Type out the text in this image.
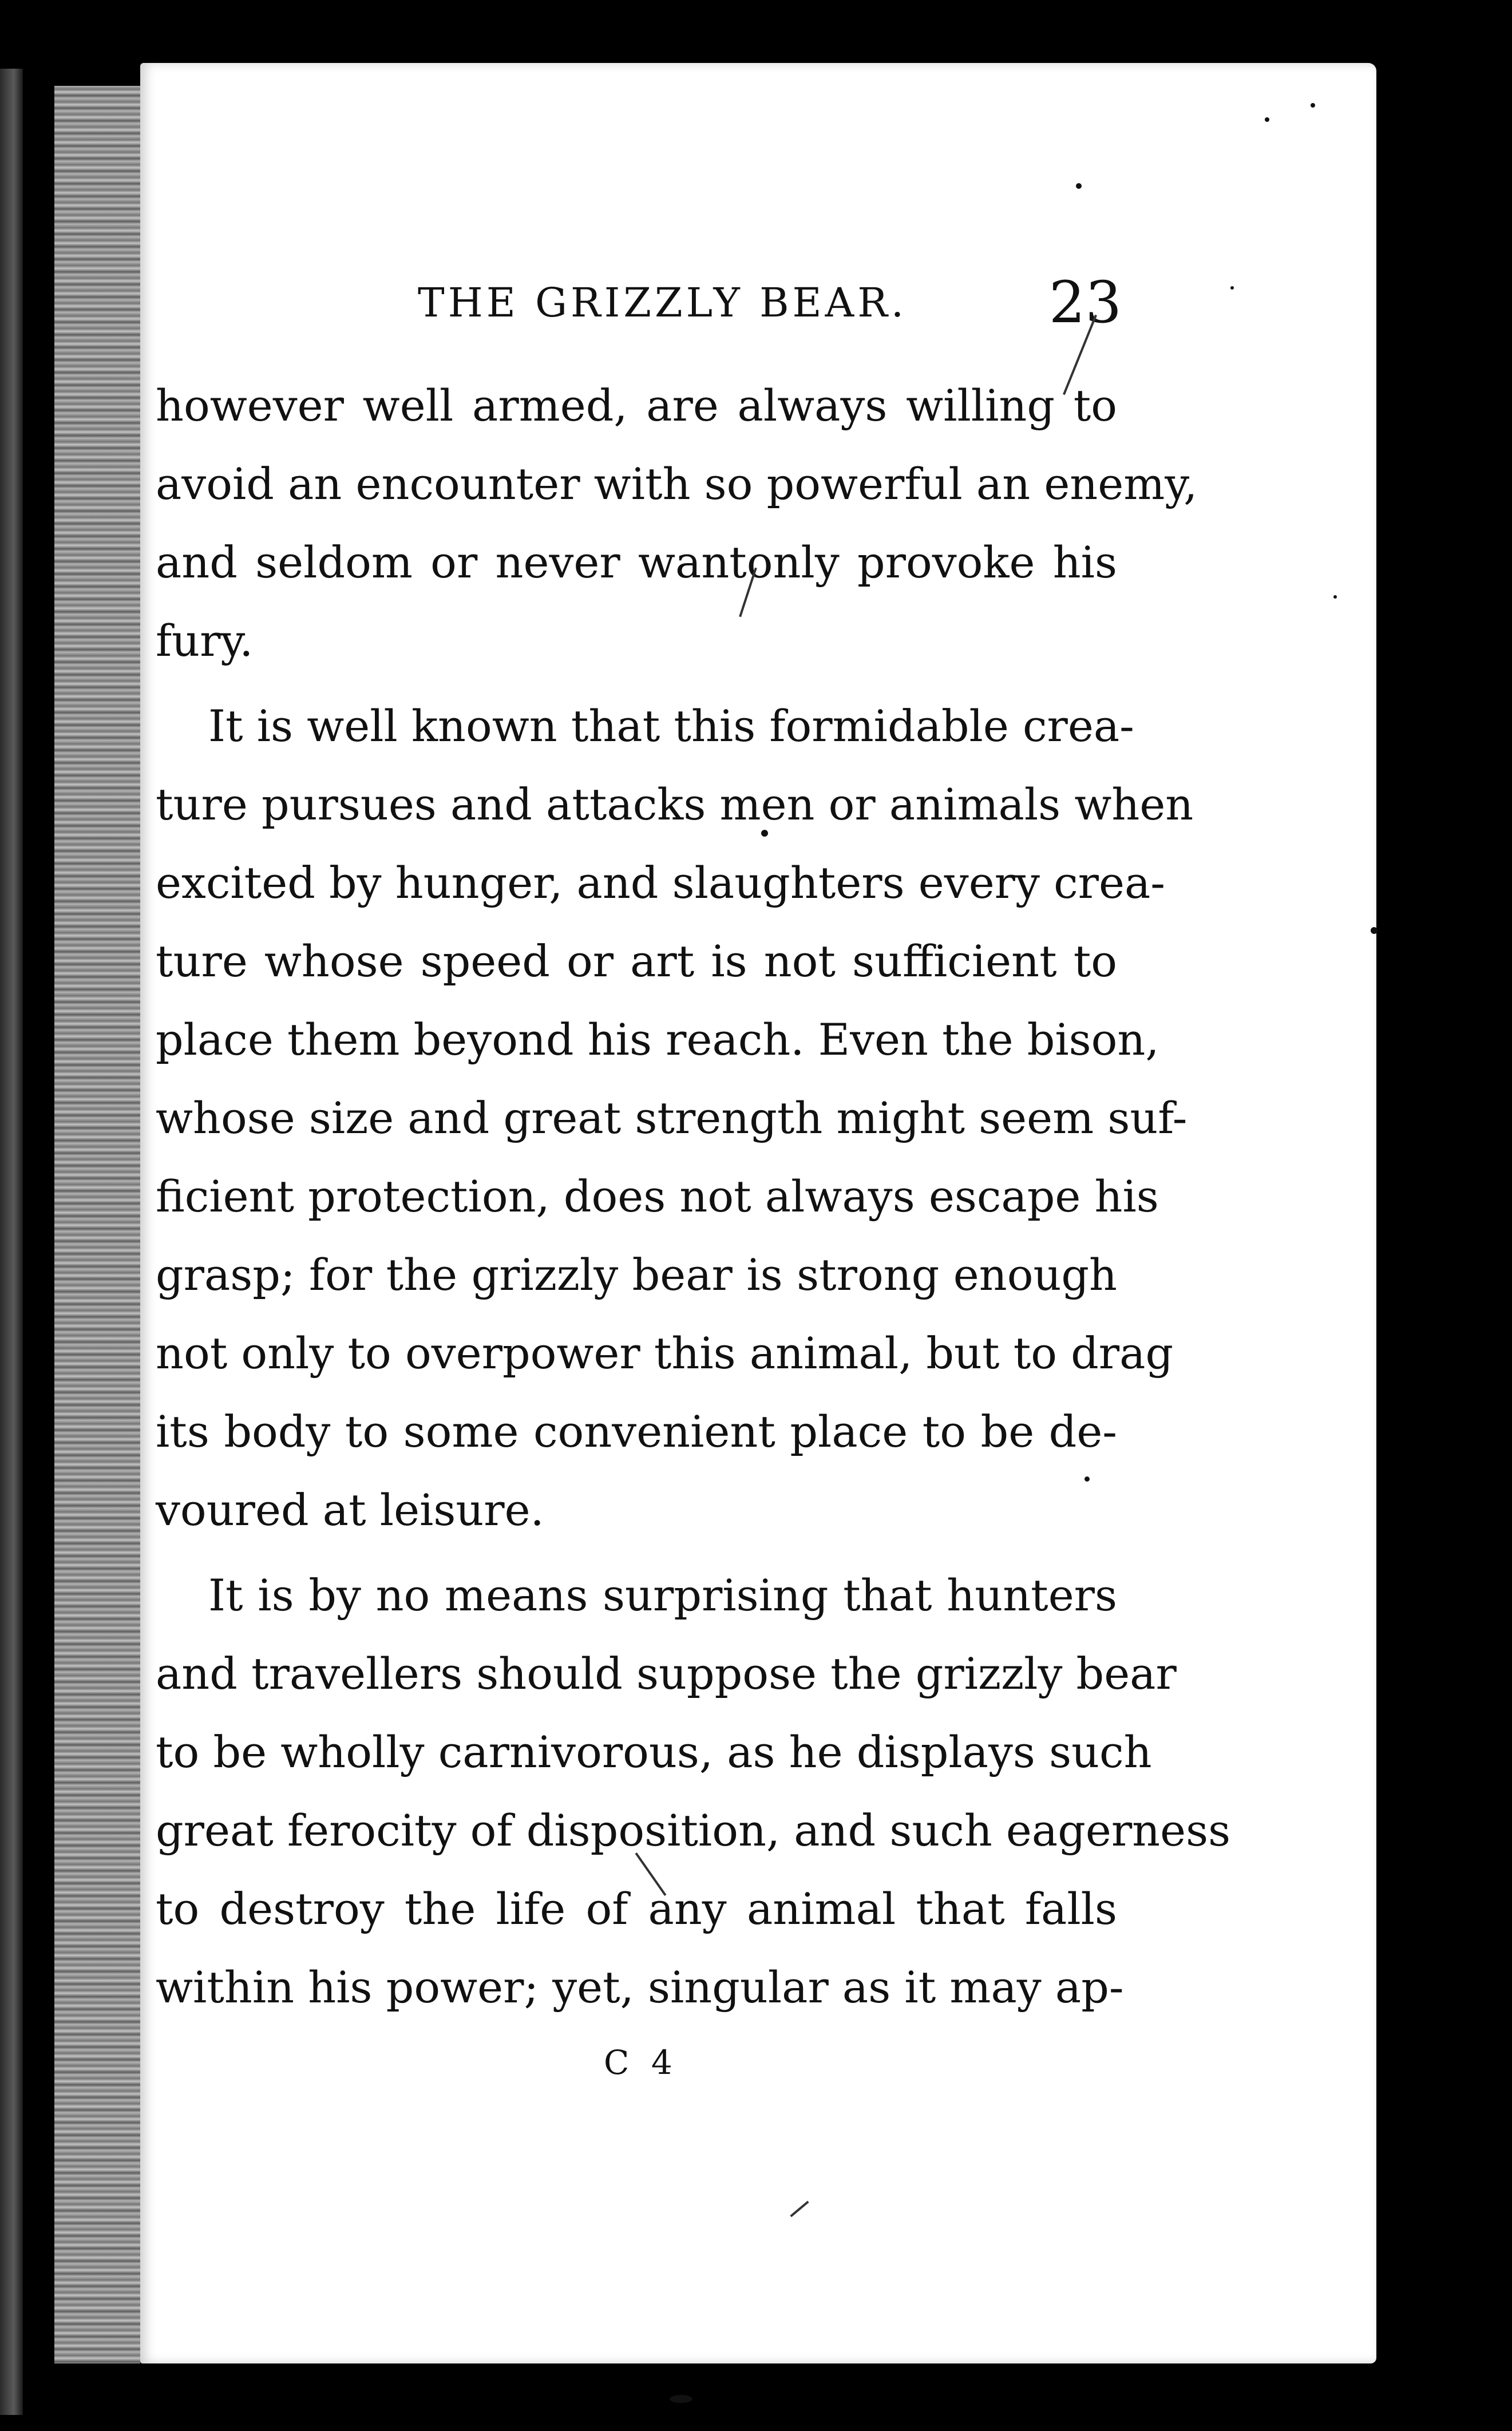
THE GRIZZLY BEAR. 23
however well armed, are always willing to
avoid an encounter with so powerful an enemy,
and seldom or never wantonly provoke his
fury.
It is well known that this formidable crea-
ture pursues and attacks men or animals when
excited by hunger, and slaughters every crea-
ture whose speed or art is not sufficient to
place them beyond his reach. Even the bison,
whose size and great strength might seem suf-
ficient protection, does not always escape his
grasp; for the grizzly bear is strong enough
not only to overpower this animal, but to drag
its body to some convenient place to be de-
voured at leisure.
It is by no means surprising that hunters
and travellers should suppose the grizzly bear
to be wholly carnivorous, as he displays such
great ferocity of disposition, and such eagerness
to destroy the life of any animal that falls
within his power; yet, singular as it may ap-
C 4
